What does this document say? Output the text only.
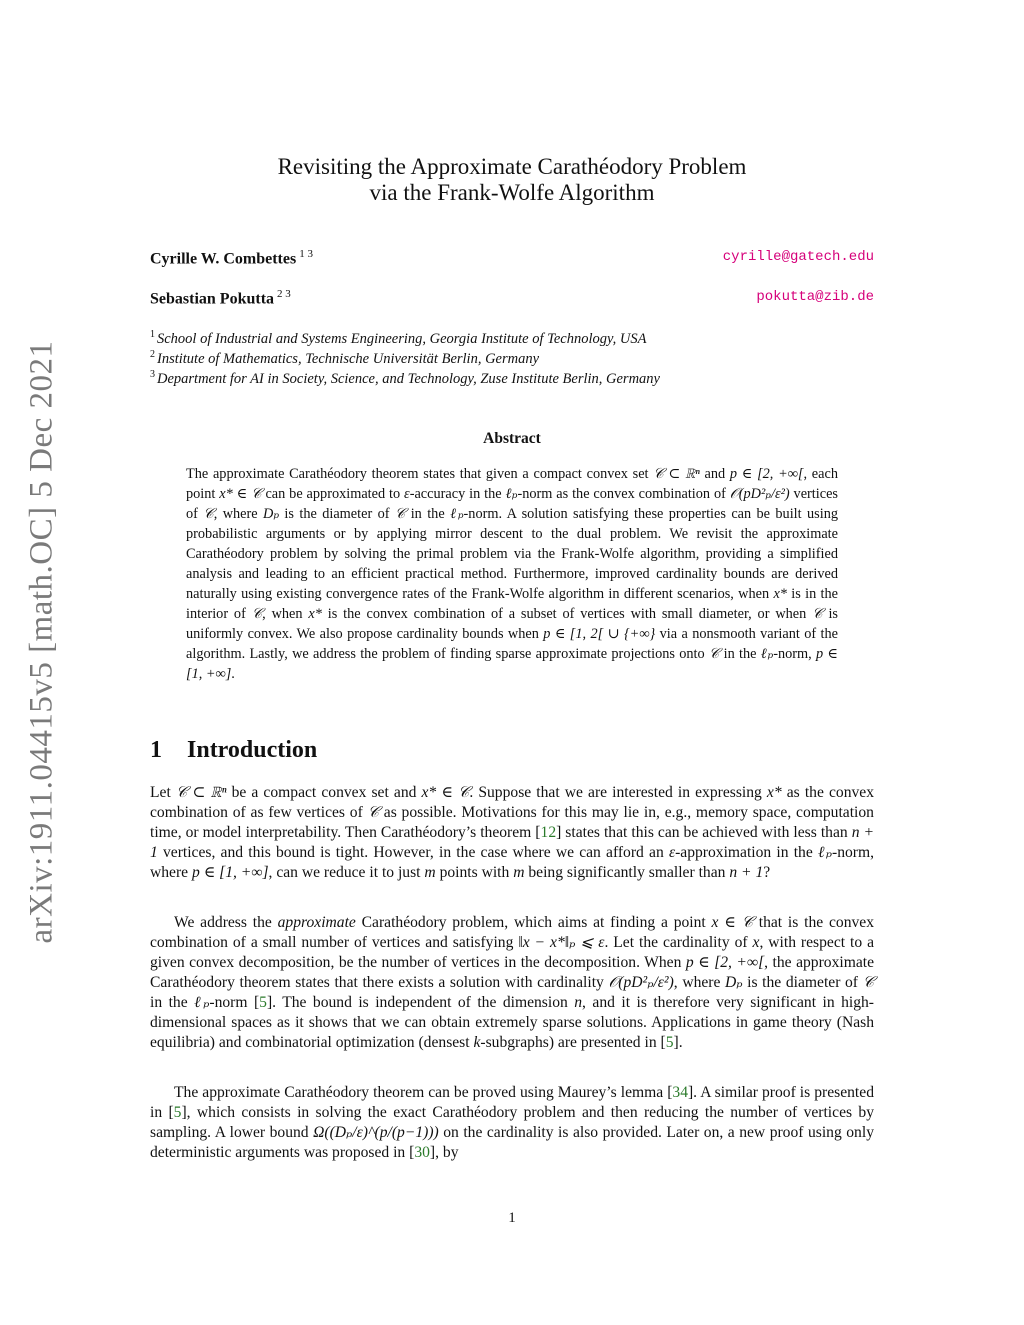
arXiv:1911.04415v5 [math.OC] 5 Dec 2021
Revisiting the Approximate Carathéodory Problem
via the Frank-Wolfe Algorithm
Cyrille W. Combettes $^{1 3}$	cyrille@gatech.edu
Sebastian Pokutta $^{2 3}$	pokutta@zib.de
$^1$ School of Industrial and Systems Engineering, Georgia Institute of Technology, USA
$^2$ Institute of Mathematics, Technische Universität Berlin, Germany
$^3$ Department for AI in Society, Science, and Technology, Zuse Institute Berlin, Germany
Abstract
The approximate Carathéodory theorem states that given a compact convex set 𝒞 ⊂ ℝⁿ and p ∈ [2, +∞[, each point x* ∈ 𝒞 can be approximated to ε-accuracy in the ℓₚ-norm as the convex combination of 𝒪(pD²ₚ/ε²) vertices of 𝒞, where Dₚ is the diameter of 𝒞 in the ℓₚ-norm. A solution satisfying these properties can be built using probabilistic arguments or by applying mirror descent to the dual problem. We revisit the approximate Carathéodory problem by solving the primal problem via the Frank-Wolfe algorithm, providing a simplified analysis and leading to an efficient practical method. Furthermore, improved cardinality bounds are derived naturally using existing convergence rates of the Frank-Wolfe algorithm in different scenarios, when x* is in the interior of 𝒞, when x* is the convex combination of a subset of vertices with small diameter, or when 𝒞 is uniformly convex. We also propose cardinality bounds when p ∈ [1, 2[ ∪ {+∞} via a nonsmooth variant of the algorithm. Lastly, we address the problem of finding sparse approximate projections onto 𝒞 in the ℓₚ-norm, p ∈ [1, +∞].
1 Introduction
Let 𝒞 ⊂ ℝⁿ be a compact convex set and x* ∈ 𝒞. Suppose that we are interested in expressing x* as the convex combination of as few vertices of 𝒞 as possible. Motivations for this may lie in, e.g., memory space, computation time, or model interpretability. Then Carathéodory’s theorem [12] states that this can be achieved with less than n + 1 vertices, and this bound is tight. However, in the case where we can afford an ε-approximation in the ℓₚ-norm, where p ∈ [1, +∞], can we reduce it to just m points with m being significantly smaller than n + 1?
We address the approximate Carathéodory problem, which aims at finding a point x ∈ 𝒞 that is the convex combination of a small number of vertices and satisfying ‖x − x*‖ₚ ⩽ ε. Let the cardinality of x, with respect to a given convex decomposition, be the number of vertices in the decomposition. When p ∈ [2, +∞[, the approximate Carathéodory theorem states that there exists a solution with cardinality 𝒪(pD²ₚ/ε²), where Dₚ is the diameter of 𝒞 in the ℓₚ-norm [5]. The bound is independent of the dimension n, and it is therefore very significant in high-dimensional spaces as it shows that we can obtain extremely sparse solutions. Applications in game theory (Nash equilibria) and combinatorial optimization (densest k-subgraphs) are presented in [5].
The approximate Carathéodory theorem can be proved using Maurey’s lemma [34]. A similar proof is presented in [5], which consists in solving the exact Carathéodory problem and then reducing the number of vertices by sampling. A lower bound Ω((Dₚ/ε)^(p/(p−1))) on the cardinality is also provided. Later on, a new proof using only deterministic arguments was proposed in [30], by
1
